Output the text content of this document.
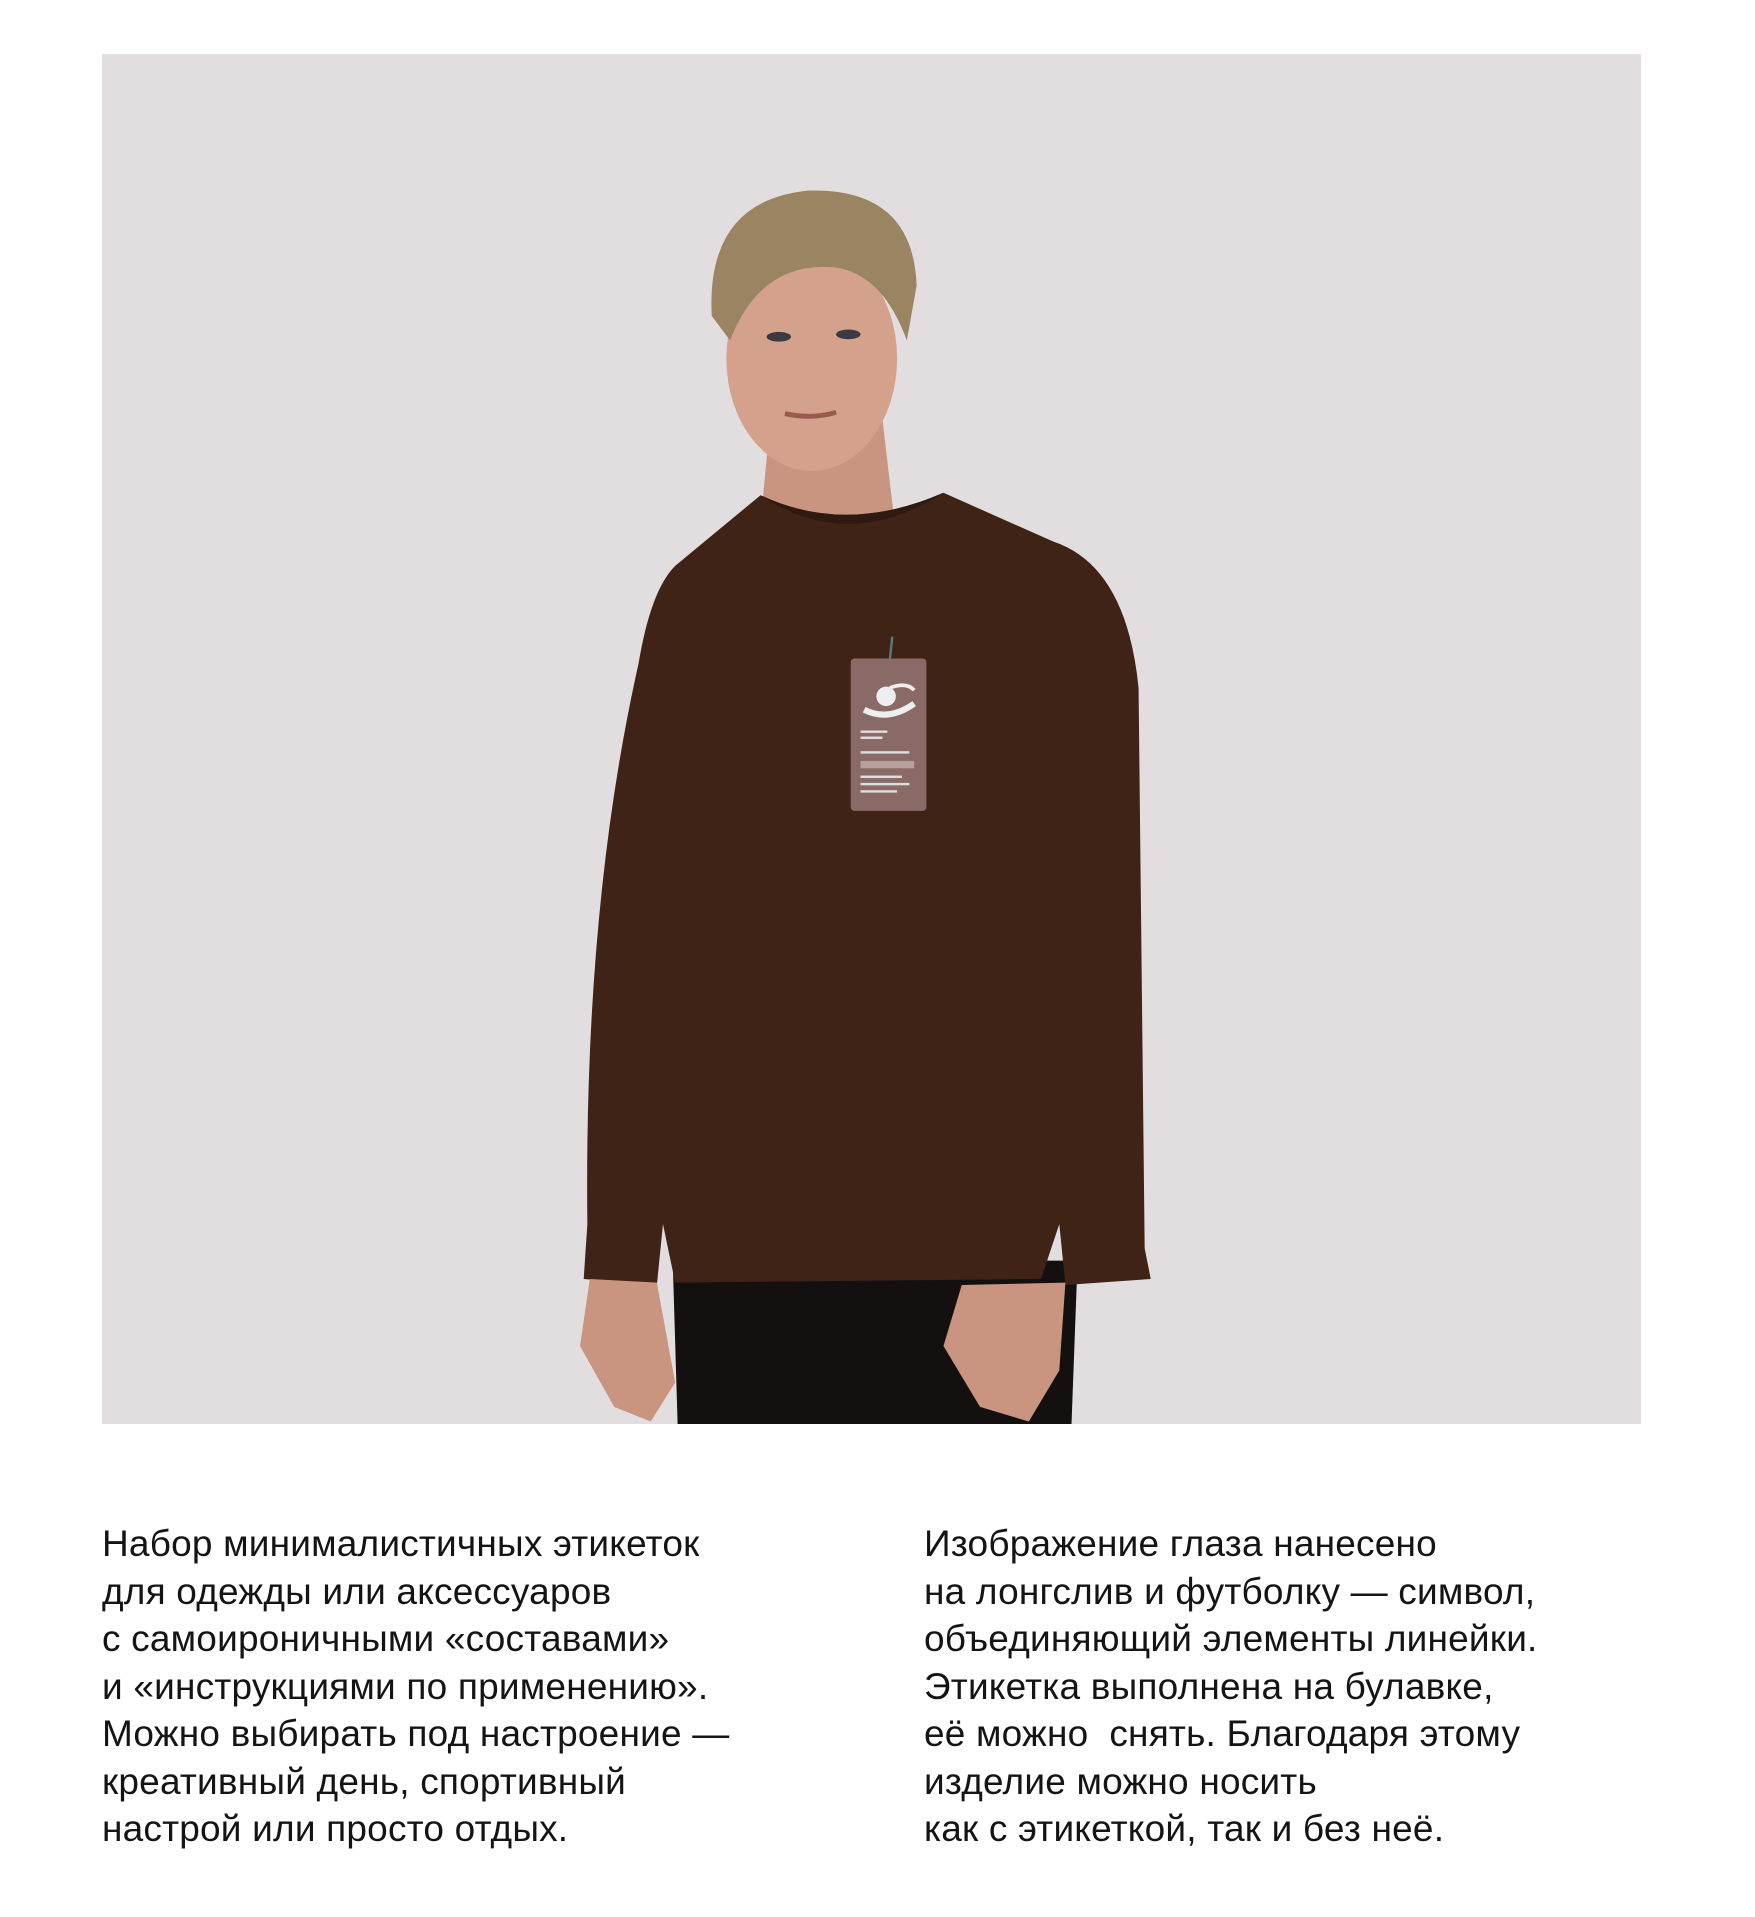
Набор минималистичных этикеток
для одежды или аксессуаров
с самоироничными «составами»
и «инструкциями по применению».
Можно выбирать под настроение —
креативный день, спортивный
настрой или просто отдых.
Изображение глаза нанесено
на лонгслив и футболку — символ,
объединяющий элементы линейки.
Этикетка выполнена на булавке,
её можно  снять. Благодаря этому
изделие можно носить
как с этикеткой, так и без неё.
